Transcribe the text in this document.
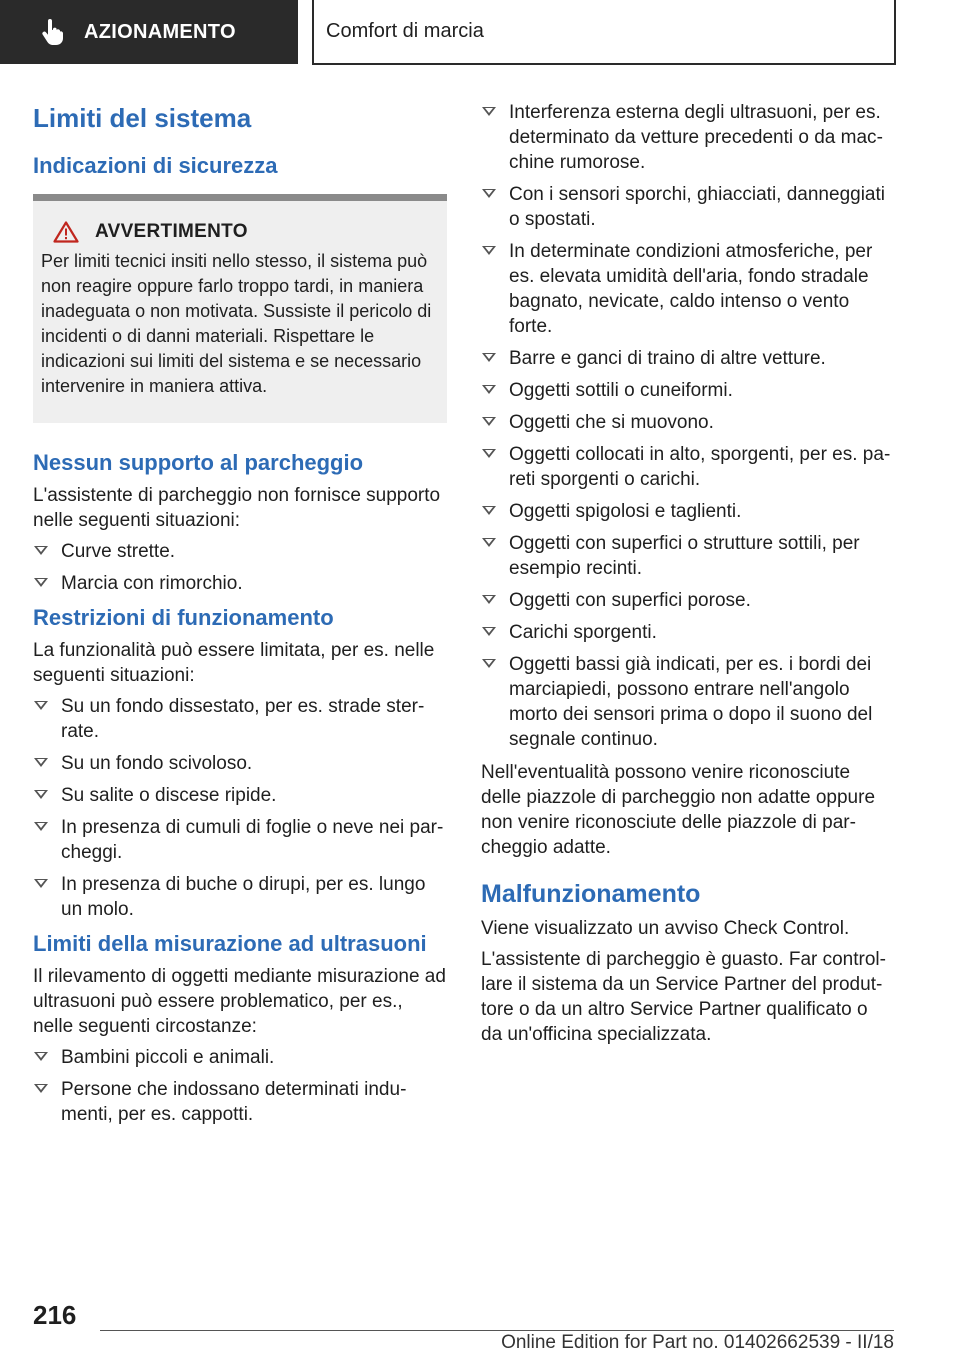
AZIONAMENTO	Comfort di marcia
Limiti del sistema
Indicazioni di sicurezza
AVVERTIMENTO

Per limiti tecnici insiti nello stesso, il sistema può non reagire oppure farlo troppo tardi, in maniera inadeguata o non motivata. Sussiste il pericolo di incidenti o di danni materiali. Rispettare le indicazioni sui limiti del sistema e se necessario intervenire in maniera attiva.

Nessun supporto al parcheggio

L'assistente di parcheggio non fornisce supporto nelle seguenti situazioni:

Curve strette.
Marcia con rimorchio.
Restrizioni di funzionamento

La funzionalità può essere limitata, per es. nelle seguenti situazioni:

Su un fondo dissestato, per es. strade sterrate.
Su un fondo scivoloso.
Su salite o discese ripide.
In presenza di cumuli di foglie o neve nei parcheggi.
In presenza di buche o dirupi, per es. lungo un molo.
Limiti della misurazione ad ultrasuoni

Il rilevamento di oggetti mediante misurazione ad ultrasuoni può essere problematico, per es., nelle seguenti circostanze:

Bambini piccoli e animali.
Persone che indossano determinati indumenti, per es. cappotti.
Interferenza esterna degli ultrasuoni, per es. determinato da vetture precedenti o da macchine rumorose.
Con i sensori sporchi, ghiacciati, danneggiati o spostati.
In determinate condizioni atmosferiche, per es. elevata umidità dell'aria, fondo stradale bagnato, nevicate, caldo intenso o vento forte.
Barre e ganci di traino di altre vetture.
Oggetti sottili o cuneiformi.
Oggetti che si muovono.
Oggetti collocati in alto, sporgenti, per es. pareti sporgenti o carichi.
Oggetti spigolosi e taglienti.
Oggetti con superfici o strutture sottili, per esempio recinti.
Oggetti con superfici porose.
Carichi sporgenti.
Oggetti bassi già indicati, per es. i bordi dei marciapiedi, possono entrare nell'angolo morto dei sensori prima o dopo il suono del segnale continuo.

Nell'eventualità possono venire riconosciute delle piazzole di parcheggio non adatte oppure non venire riconosciute delle piazzole di parcheggio adatte.

Malfunzionamento

Viene visualizzato un avviso Check Control.

L'assistente di parcheggio è guasto. Far controllare il sistema da un Service Partner del produttore o da un altro Service Partner qualificato o da un'officina specializzata.

216
Online Edition for Part no. 01402662539 - II/18
